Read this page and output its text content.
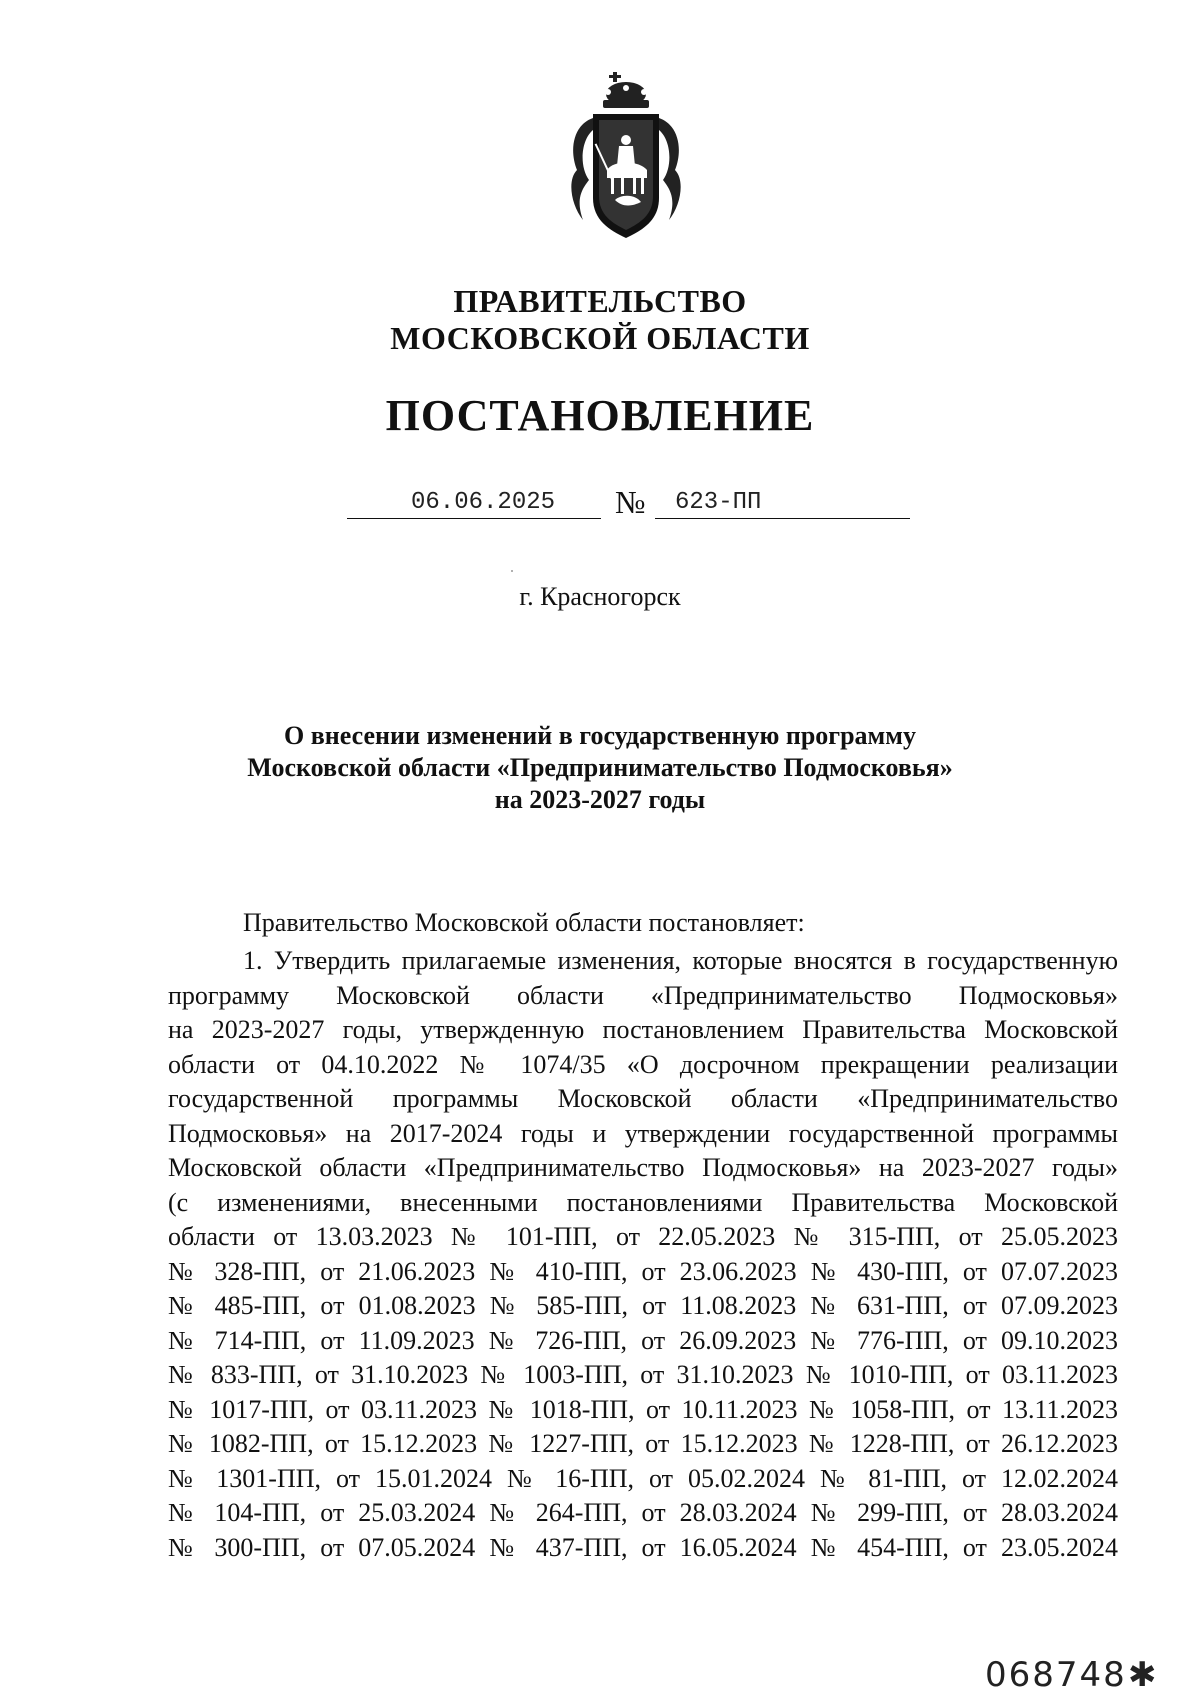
ПРАВИТЕЛЬСТВО
МОСКОВСКОЙ ОБЛАСТИ
ПОСТАНОВЛЕНИЕ
06.06.2025 № 623-ПП
г. Красногорск
О внесении изменений в государственную программу
Московской области «Предпринимательство Подмосковья»
на 2023-2027 годы
Правительство Московской области постановляет:
1. Утвердить прилагаемые изменения, которые вносятся в государственную
программу Московской области «Предпринимательство Подмосковья»
на 2023-2027 годы, утвержденную постановлением Правительства Московской
области от 04.10.2022 № 1074/35 «О досрочном прекращении реализации
государственной программы Московской области «Предпринимательство
Подмосковья» на 2017-2024 годы и утверждении государственной программы
Московской области «Предпринимательство Подмосковья» на 2023-2027 годы»
(с изменениями, внесенными постановлениями Правительства Московской
области от 13.03.2023 № 101-ПП, от 22.05.2023 № 315-ПП, от 25.05.2023
№ 328-ПП, от 21.06.2023 № 410-ПП, от 23.06.2023 № 430-ПП, от 07.07.2023
№ 485-ПП, от 01.08.2023 № 585-ПП, от 11.08.2023 № 631-ПП, от 07.09.2023
№ 714-ПП, от 11.09.2023 № 726-ПП, от 26.09.2023 № 776-ПП, от 09.10.2023
№ 833-ПП, от 31.10.2023 № 1003-ПП, от 31.10.2023 № 1010-ПП, от 03.11.2023
№ 1017-ПП, от 03.11.2023 № 1018-ПП, от 10.11.2023 № 1058-ПП, от 13.11.2023
№ 1082-ПП, от 15.12.2023 № 1227-ПП, от 15.12.2023 № 1228-ПП, от 26.12.2023
№ 1301-ПП, от 15.01.2024 № 16-ПП, от 05.02.2024 № 81-ПП, от 12.02.2024
№ 104-ПП, от 25.03.2024 № 264-ПП, от 28.03.2024 № 299-ПП, от 28.03.2024
№ 300-ПП, от 07.05.2024 № 437-ПП, от 16.05.2024 № 454-ПП, от 23.05.2024
068748 ✱
